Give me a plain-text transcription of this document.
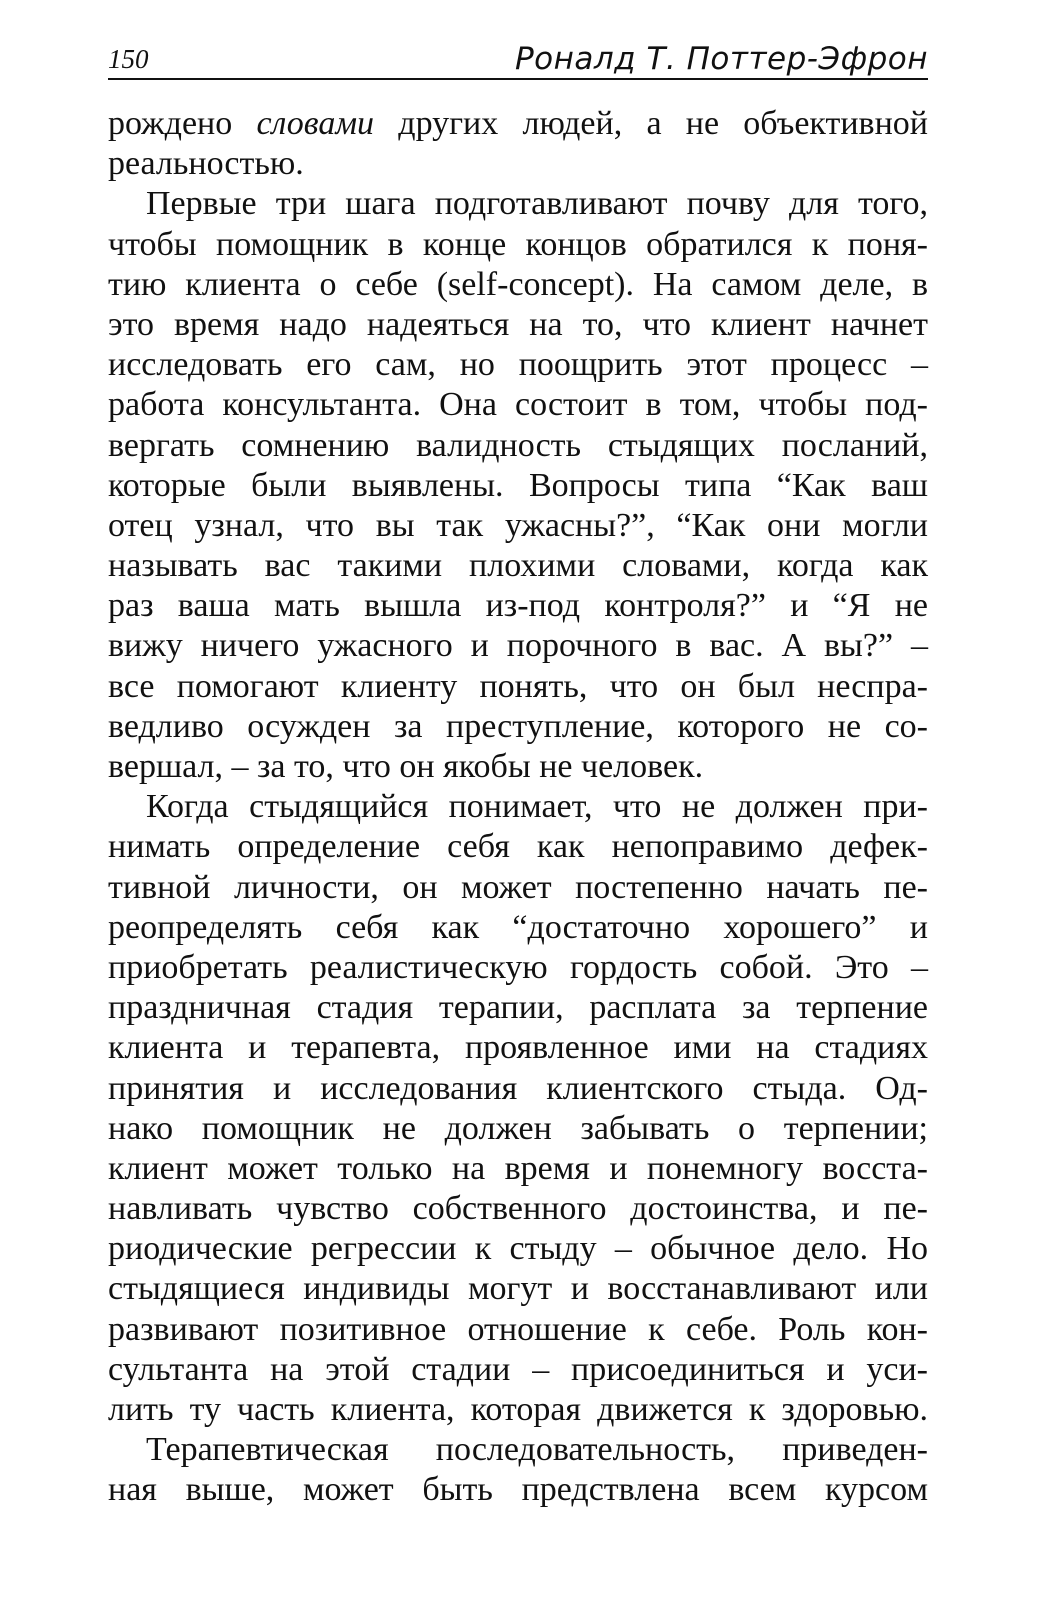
150	Роналд Т. Поттер-Эфрон
рождено словами других людей, а не объективной
реальностью.
Первые три шага подготавливают почву для того,
чтобы помощник в конце концов обратился к поня-
тию клиента о себе (self-concept). На самом деле, в
это время надо надеяться на то, что клиент начнет
исследовать его сам, но поощрить этот процесс –
работа консультанта. Она состоит в том, чтобы под-
вергать сомнению валидность стыдящих посланий,
которые были выявлены. Вопросы типа “Как ваш
отец узнал, что вы так ужасны?”, “Как они могли
называть вас такими плохими словами, когда как
раз ваша мать вышла из-под контроля?” и “Я не
вижу ничего ужасного и порочного в вас. А вы?” –
все помогают клиенту понять, что он был неспра-
ведливо осужден за преступление, которого не со-
вершал, – за то, что он якобы не человек.
Когда стыдящийся понимает, что не должен при-
нимать определение себя как непоправимо дефек-
тивной личности, он может постепенно начать пе-
реопределять себя как “достаточно хорошего” и
приобретать реалистическую гордость собой. Это –
праздничная стадия терапии, расплата за терпение
клиента и терапевта, проявленное ими на стадиях
принятия и исследования клиентского стыда. Од-
нако помощник не должен забывать о терпении;
клиент может только на время и понемногу восста-
навливать чувство собственного достоинства, и пе-
риодические регрессии к стыду – обычное дело. Но
стыдящиеся индивиды могут и восстанавливают или
развивают позитивное отношение к себе. Роль кон-
сультанта на этой стадии – присоединиться и уси-
лить ту часть клиента, которая движется к здоровью.
Терапевтическая последовательность, приведен-
ная выше, может быть предствлена всем курсом
